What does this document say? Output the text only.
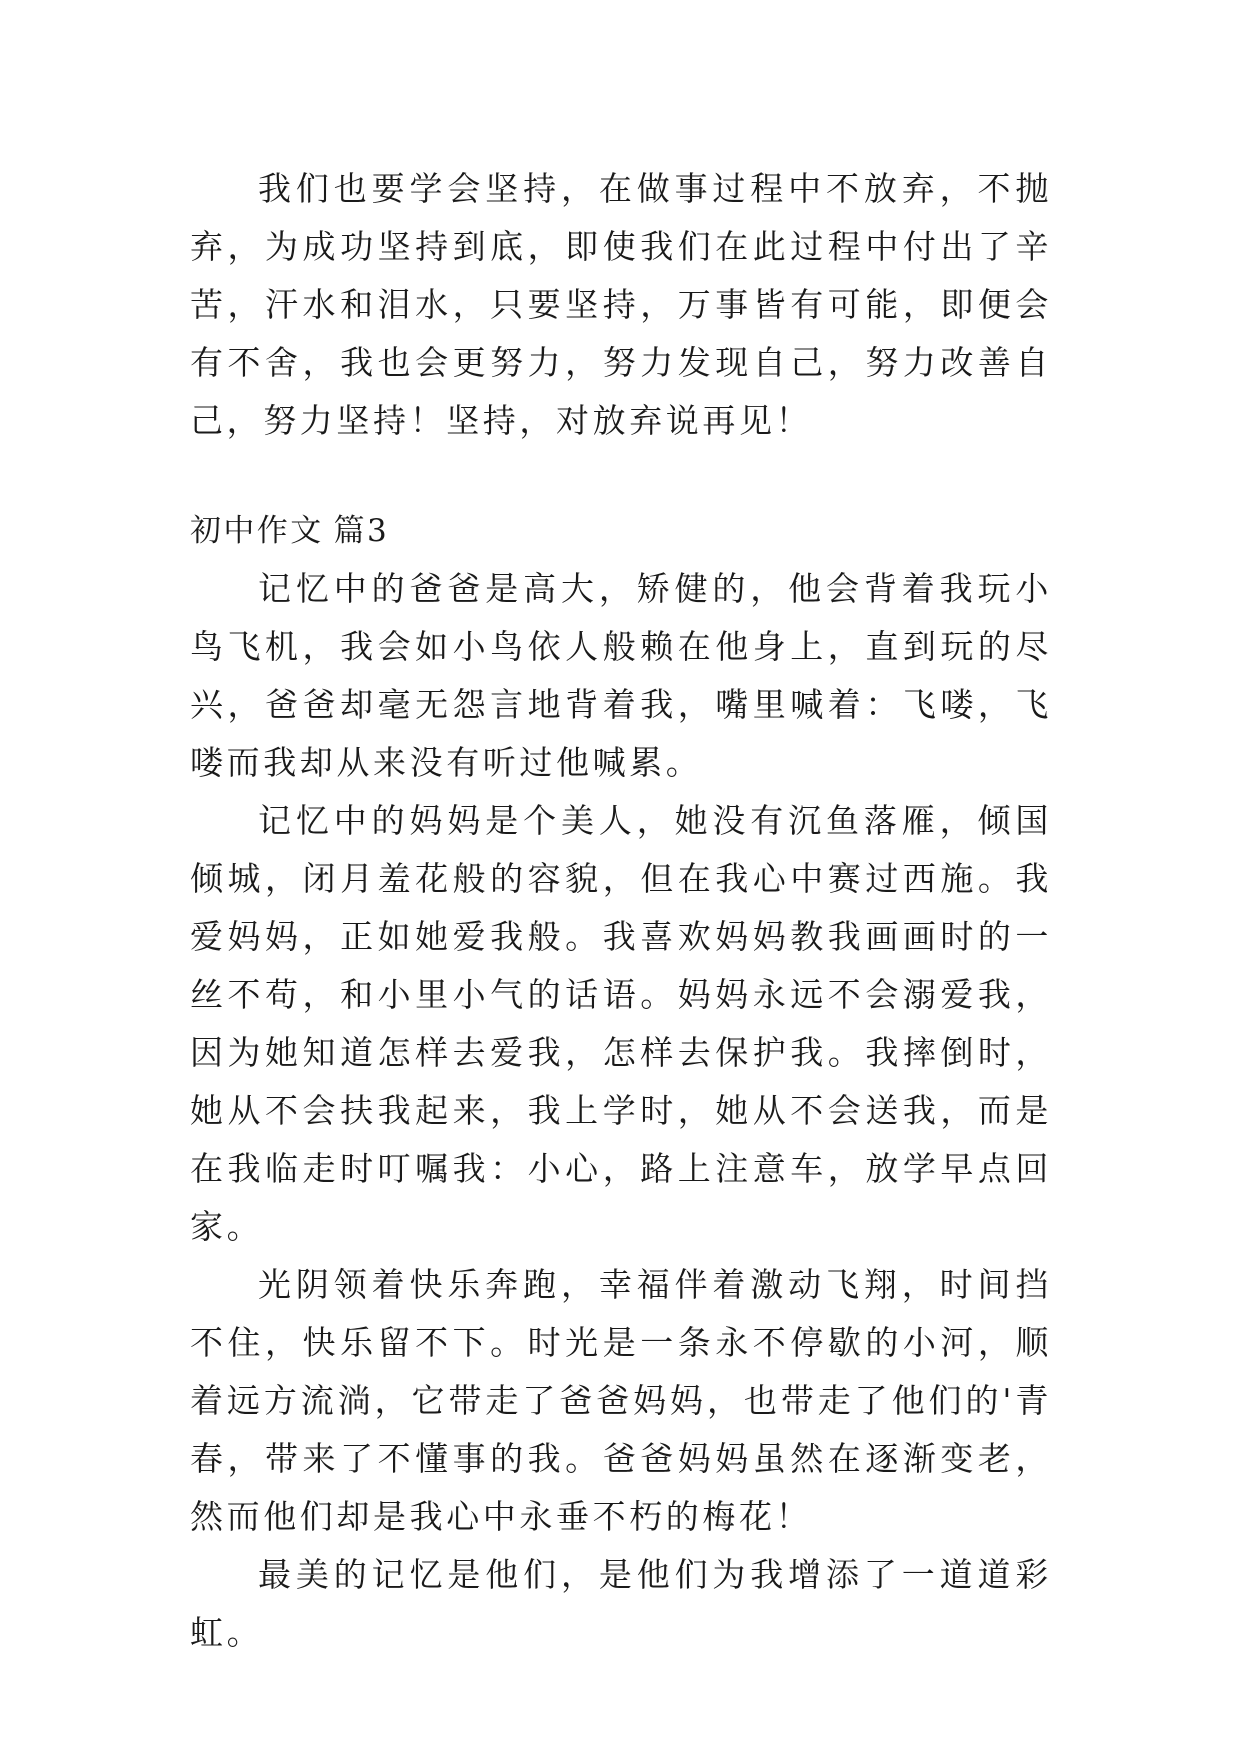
我们也要学会坚持，在做事过程中不放弃，不抛弃，为成功坚持到底，即使我们在此过程中付出了辛苦，汗水和泪水，只要坚持，万事皆有可能，即便会有不舍，我也会更努力，努力发现自己，努力改善自己，努力坚持！坚持，对放弃说再见！

初中作文 篇3

记忆中的爸爸是高大，矫健的，他会背着我玩小鸟飞机，我会如小鸟依人般赖在他身上，直到玩的尽兴，爸爸却毫无怨言地背着我，嘴里喊着：飞喽，飞喽而我却从来没有听过他喊累。

记忆中的妈妈是个美人，她没有沉鱼落雁，倾国倾城，闭月羞花般的容貌，但在我心中赛过西施。我爱妈妈，正如她爱我般。我喜欢妈妈教我画画时的一丝不苟，和小里小气的话语。妈妈永远不会溺爱我，因为她知道怎样去爱我，怎样去保护我。我摔倒时，她从不会扶我起来，我上学时，她从不会送我，而是在我临走时叮嘱我：小心，路上注意车，放学早点回家。

光阴领着快乐奔跑，幸福伴着激动飞翔，时间挡不住，快乐留不下。时光是一条永不停歇的小河，顺着远方流淌，它带走了爸爸妈妈，也带走了他们的'青春，带来了不懂事的我。爸爸妈妈虽然在逐渐变老，然而他们却是我心中永垂不朽的梅花！

最美的记忆是他们，是他们为我增添了一道道彩虹。
